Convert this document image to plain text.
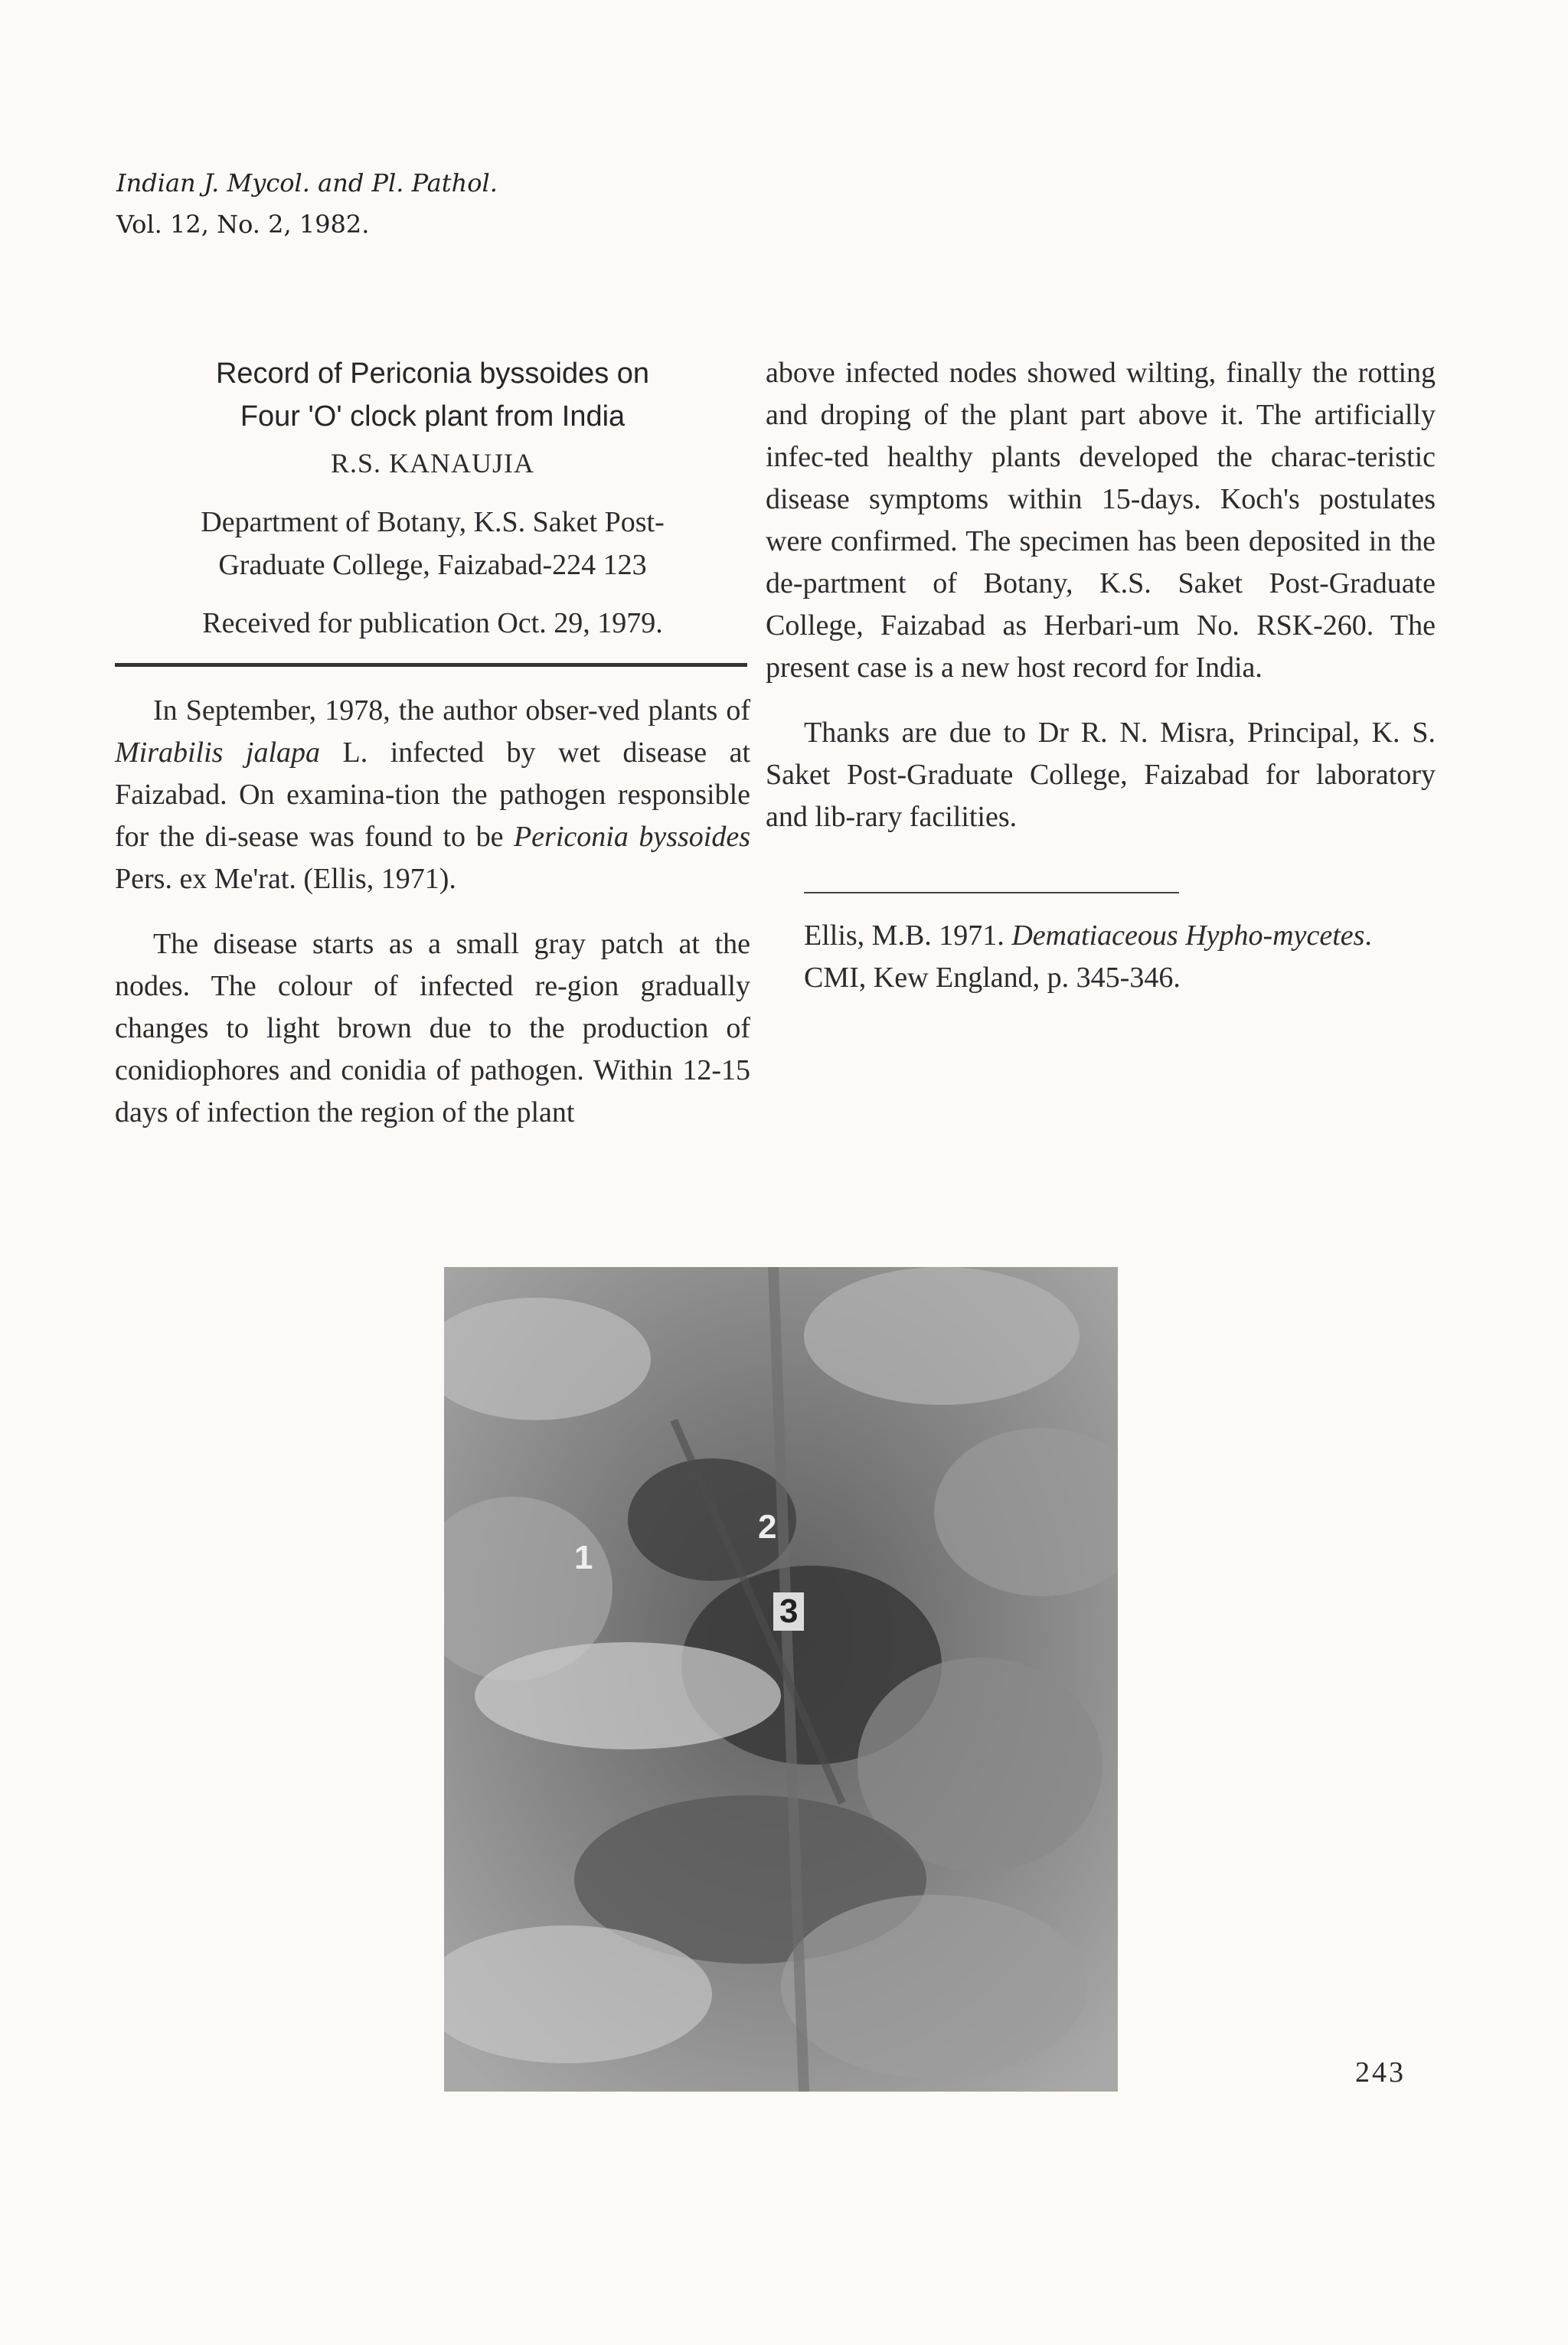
Indian J. Mycol. and Pl. Pathol.
Vol. 12, No. 2, 1982.

Record of Periconia byssoides on
Four 'O' clock plant from India

R.S. KANAUJIA
Department of Botany, K.S. Saket Post-
Graduate College, Faizabad-224 123
Received for publication Oct. 29, 1979.

In September, 1978, the author obser-ved plants of Mirabilis jalapa L. infected by wet disease at Faizabad. On examina-tion the pathogen responsible for the di-sease was found to be Periconia byssoides Pers. ex Me'rat. (Ellis, 1971).

The disease starts as a small gray patch at the nodes. The colour of infected re-gion gradually changes to light brown due to the production of conidiophores and conidia of pathogen. Within 12-15 days of infection the region of the plant

above infected nodes showed wilting, finally the rotting and droping of the plant part above it. The artificially infec-ted healthy plants developed the charac-teristic disease symptoms within 15-days. Koch's postulates were confirmed. The specimen has been deposited in the de-partment of Botany, K.S. Saket Post-Graduate College, Faizabad as Herbari-um No. RSK-260. The present case is a new host record for India.

Thanks are due to Dr R. N. Misra, Principal, K. S. Saket Post-Graduate College, Faizabad for laboratory and lib-rary facilities.

Ellis, M.B. 1971. Dematiaceous Hypho-mycetes. CMI, Kew England, p. 345-346.
1
2
3
243
